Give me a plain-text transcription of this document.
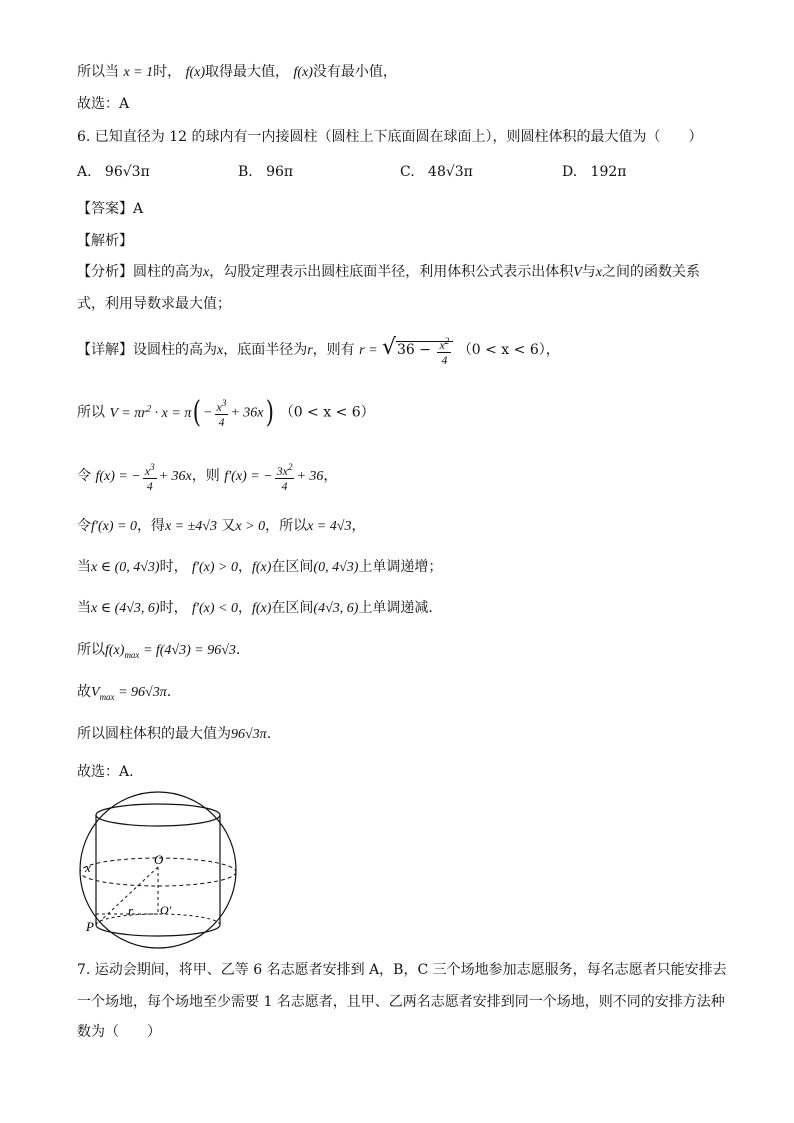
所以当 x = 1时， f(x)取得最大值， f(x)没有最小值，
故选：A
6. 已知直径为 12 的球内有一内接圆柱（圆柱上下底面圆在球面上），则圆柱体积的最大值为（　　）
A. 96√3π	B. 96π	C. 48√3π	D. 192π
【答案】A
【解析】
【分析】圆柱的高为x，勾股定理表示出圆柱底面半径，利用体积公式表示出体积V与x之间的函数关系
式，利用导数求最大值；
【详解】设圆柱的高为x，底面半径为r，则有 $r = √36 - \frac{x^2}{4} (0 < x < 6)$，
所以 $V = \pi r^2 \cdot x = \pi( - \frac{x^3}{4} + 36x) (0 < x < 6)$
令 f(x) = − $\frac{x^3}{4} + 36x$，则 f′(x) = − $\frac{3x^2}{4} + 36$，
令f′(x) = 0，得x = ±4√3 又x > 0，所以x = 4√3，
当x ∈ (0, 4√3)时， f′(x) > 0，f(x)在区间(0, 4√3)上单调递增；
当x ∈ (4√3, 6)时， f′(x) < 0，f(x)在区间(4√3, 6)上单调递减.
所以$f(x)_{max} = f(4√3) = 96√3$.
故$V_{max} = 96√3\pi$.
所以圆柱体积的最大值为96√3π.
故选：A.
O
x
r O′
P
7. 运动会期间，将甲、乙等 6 名志愿者安排到 A，B，C 三个场地参加志愿服务，每名志愿者只能安排去
一个场地，每个场地至少需要 1 名志愿者，且甲、乙两名志愿者安排到同一个场地，则不同的安排方法种
数为（　　）
